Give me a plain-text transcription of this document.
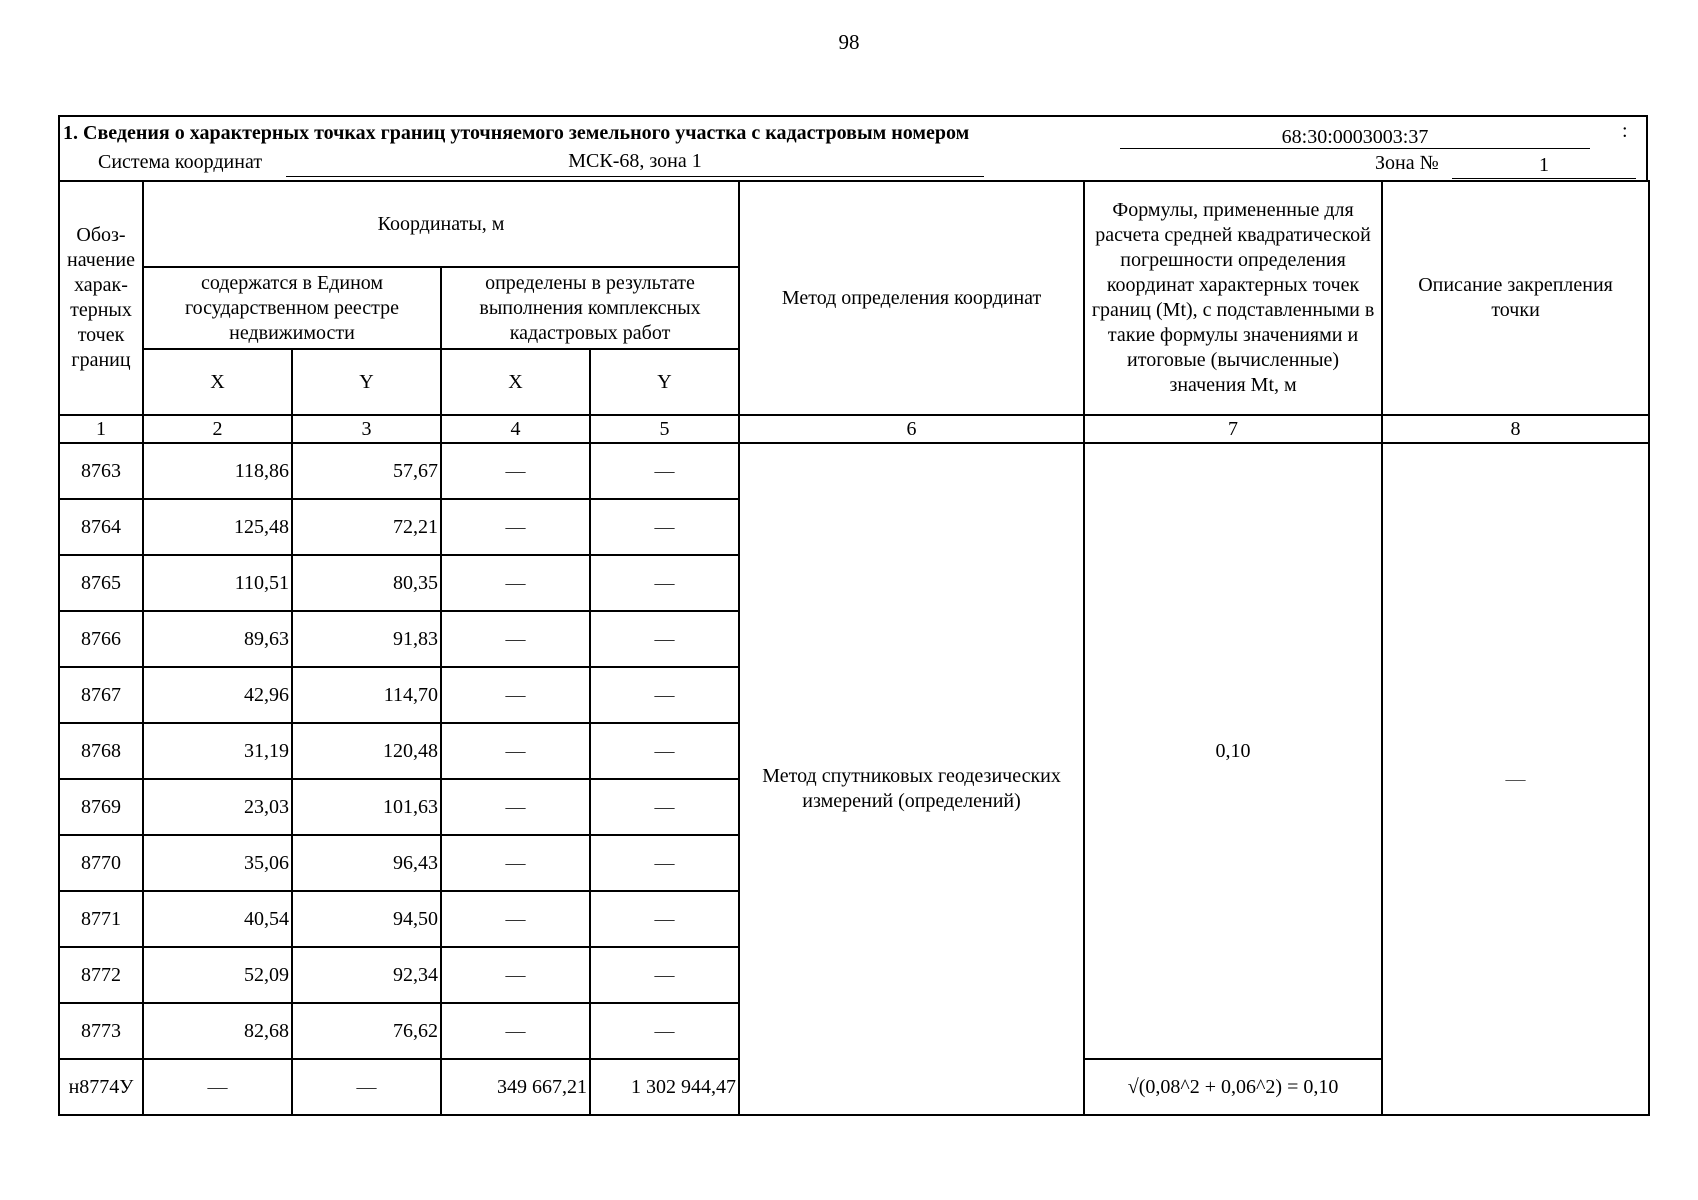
98
1. Сведения о характерных точках границ уточняемого земельного участка с кадастровым номером	68:30:0003003:37	:
Система координат	МСК-68, зона 1	Зона №	1
Обоз-начение харак-терных точек границ	Координаты, м				Метод определения координат	Формулы, примененные для расчета средней квадратической погрешности определения координат характерных точек границ (Mt), с подставленными в такие формулы значениями и итоговые (вычисленные) значения Mt, м	Описание закрепления точки
	содержатся в Едином государственном реестре недвижимости		определены в результате выполнения комплексных кадастровых работ				
	X	Y	X	Y			
1	2	3	4	5	6	7	8
8763	118,86	57,67	—	—	Метод спутниковых геодезических измерений (определений)	0,10	—
8764	125,48	72,21	—	—			
8765	110,51	80,35	—	—			
8766	89,63	91,83	—	—			
8767	42,96	114,70	—	—			
8768	31,19	120,48	—	—			
8769	23,03	101,63	—	—			
8770	35,06	96,43	—	—			
8771	40,54	94,50	—	—			
8772	52,09	92,34	—	—			
8773	82,68	76,62	—	—			
н8774У	—	—	349 667,21	1 302 944,47		√(0,08^2 + 0,06^2) = 0,10	
